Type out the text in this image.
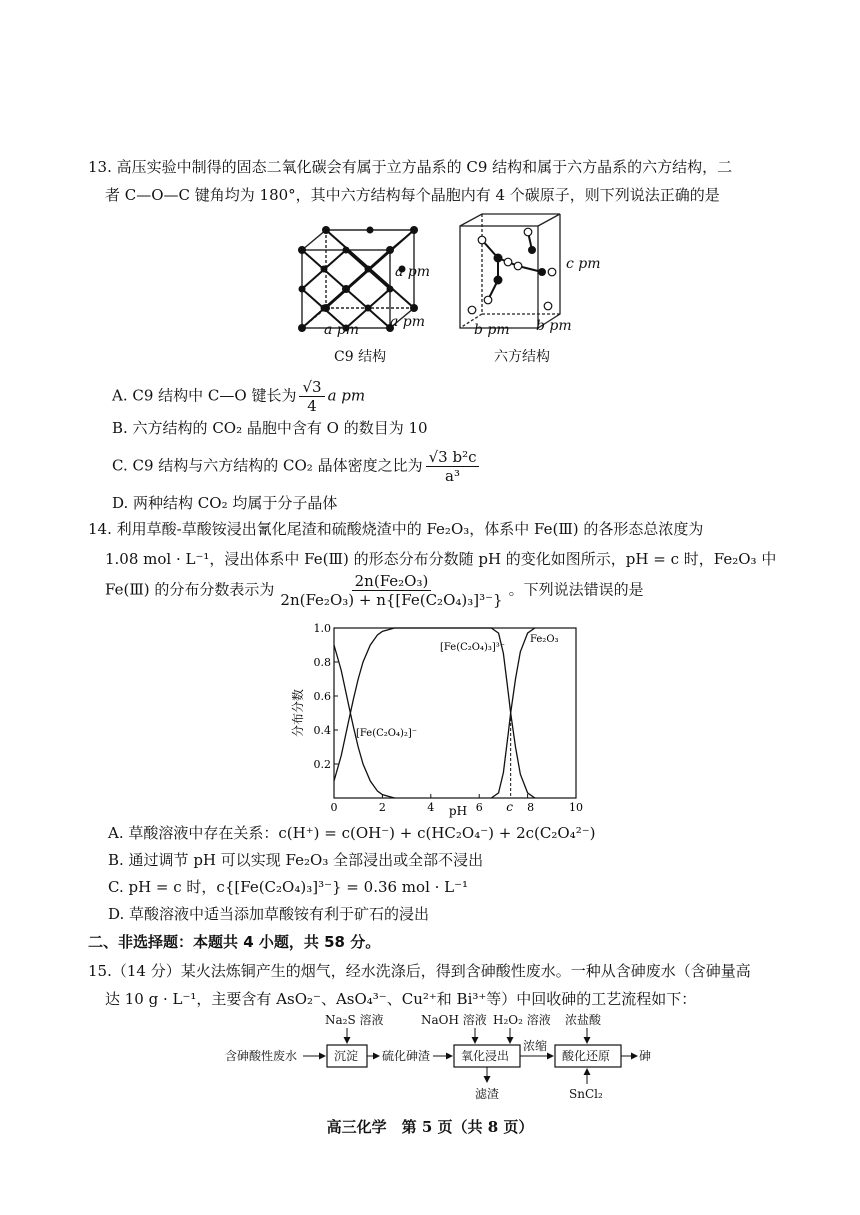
13. 高压实验中制得的固态二氧化碳会有属于立方晶系的 C9 结构和属于六方晶系的六方结构，二
者 C—O—C 键角均为 180°，其中六方结构每个晶胞内有 4 个碳原子，则下列说法正确的是
a pm
a pm a pm
C9 结构
c pm
b pm b pm
六方结构
A. C9 结构中 C—O 键长为 $\frac{√3}{4}$ a pm
B. 六方结构的 CO₂ 晶胞中含有 O 的数目为 10
C. C9 结构与六方结构的 CO₂ 晶体密度之比为 $\frac{\text{√3 b²c}}{\text{a³}}$
D. 两种结构 CO₂ 均属于分子晶体
14. 利用草酸-草酸铵浸出氰化尾渣和硫酸烧渣中的 Fe₂O₃，体系中 Fe(Ⅲ) 的各形态总浓度为
1.08 mol · L⁻¹，浸出体系中 Fe(Ⅲ) 的形态分布分数随 pH 的变化如图所示，pH = c 时，Fe₂O₃ 中
Fe(Ⅲ) 的分布分数表示为 $\frac{\text{2n(Fe₂O₃)}}{\text{2n(Fe₂O₃) + n\{[Fe(C₂O₄)₃]³⁻\}}}$ 。下列说法错误的是
0	2	4	6	8	10
0.2
0.4
0.6
0.8
1.0
c
pH
分布分数	[Fe(C₂O₄)₂]⁻
[Fe(C₂O₄)₃]³⁻
Fe₂O₃
A. 草酸溶液中存在关系：c(H⁺) = c(OH⁻) + c(HC₂O₄⁻) + 2c(C₂O₄²⁻)
B. 通过调节 pH 可以实现 Fe₂O₃ 全部浸出或全部不浸出
C. pH = c 时，c{[Fe(C₂O₄)₃]³⁻} = 0.36 mol · L⁻¹
D. 草酸溶液中适当添加草酸铵有利于矿石的浸出
二、非选择题：本题共 4 小题，共 58 分。
15.（14 分）某火法炼铜产生的烟气，经水洗涤后，得到含砷酸性废水。一种从含砷废水（含砷量高
达 10 g · L⁻¹，主要含有 AsO₂⁻、AsO₄³⁻、Cu²⁺和 Bi³⁺等）中回收砷的工艺流程如下：
含砷酸性废水	沉淀
Na₂S 溶液
硫化砷渣	氧化浸出
NaOH 溶液 H₂O₂ 溶液
滤渣
浓缩
酸化还原
浓盐酸
SnCl₂
砷
高三化学　第 5 页（共 8 页）
